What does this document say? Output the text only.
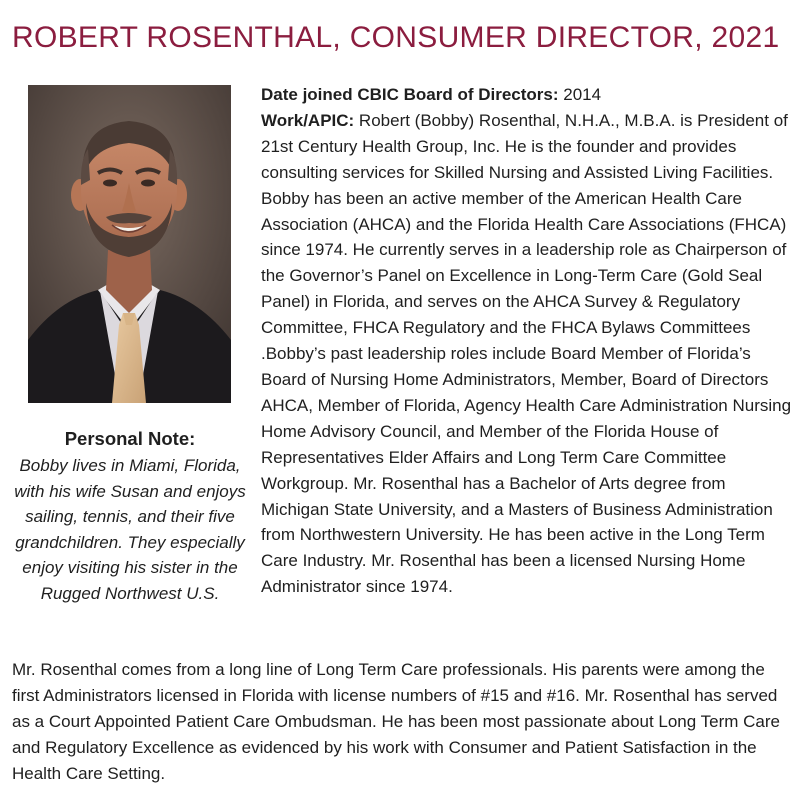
ROBERT ROSENTHAL, CONSUMER DIRECTOR, 2021
Personal Note:
Bobby lives in Miami, Florida, with his wife Susan and enjoys sailing, tennis, and their five grandchildren. They especially enjoy visiting his sister in the Rugged Northwest U.S.

Date joined CBIC Board of Directors: 2014

Work/APIC: Robert (Bobby) Rosenthal, N.H.A., M.B.A. is President of 21st Century Health Group, Inc. He is the founder and provides consulting services for Skilled Nursing and Assisted Living Facilities. Bobby has been an active member of the American Health Care Association (AHCA) and the Florida Health Care Associations (FHCA) since 1974. He currently serves in a leadership role as Chairperson of the Governor’s Panel on Excellence in Long-Term Care (Gold Seal Panel) in Florida, and serves on the AHCA Survey & Regulatory Committee, FHCA Regulatory and the FHCA Bylaws Committees .Bobby’s past leadership roles include Board Member of Florida’s Board of Nursing Home Administrators, Member, Board of Directors AHCA, Member of Florida, Agency Health Care Administration Nursing Home Advisory Council, and Member of the Florida House of Representatives Elder Affairs and Long Term Care Committee Workgroup. Mr. Rosenthal has a Bachelor of Arts degree from Michigan State University, and a Masters of Business Administration from Northwestern University. He has been active in the Long Term Care Industry. Mr. Rosenthal has been a licensed Nursing Home Administrator since 1974.

Mr. Rosenthal comes from a long line of Long Term Care professionals. His parents were among the first Administrators licensed in Florida with license numbers of #15 and #16. Mr. Rosenthal has served as a Court Appointed Patient Care Ombudsman. He has been most passionate about Long Term Care and Regulatory Excellence as evidenced by his work with Consumer and Patient Satisfaction in the Health Care Setting.
